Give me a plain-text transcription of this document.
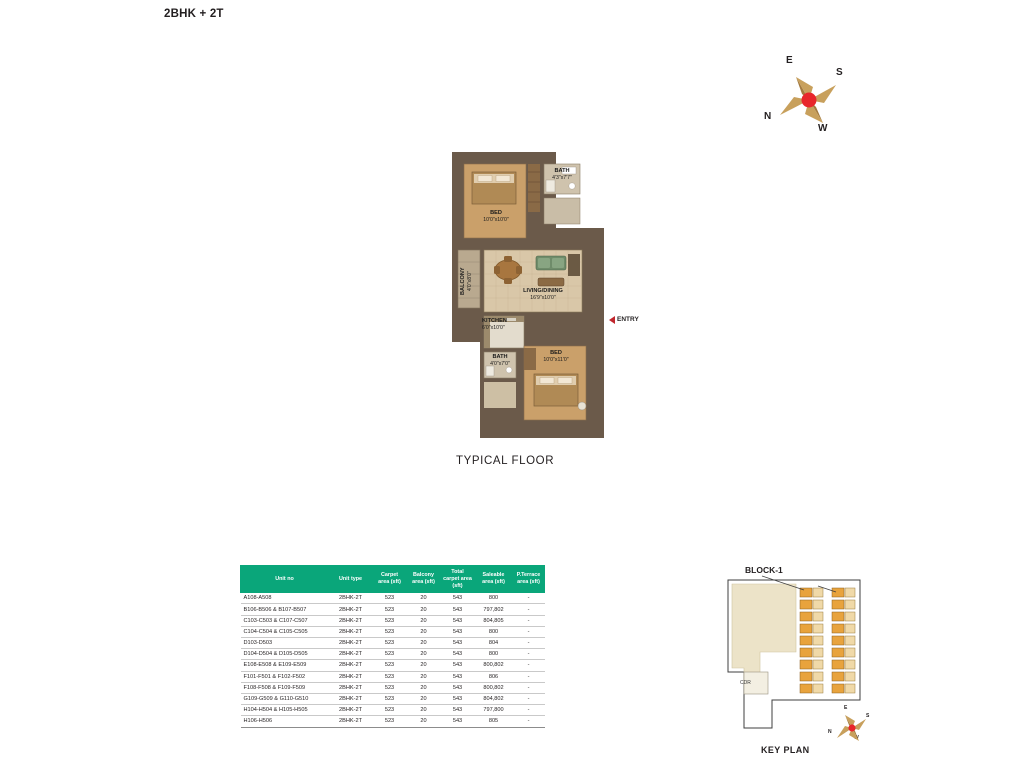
2BHK + 2T
E
S
N
W
BATH
4'3"x7'7"
BED
10'0"x10'0"
BALCONY 4'0"x8'0"
LIVING/DINING
16'9"x10'0"
KITCHEN
6'0"x10'0"
BATH
4'0"x7'0"
BED
10'0"x11'0"
ENTRY
TYPICAL FLOOR
Unit no	Unit type	Carpet area (sft)	Balcony area (sft)	Total carpet area (sft)	Saleable area (sft)	P.Terrace area (sft)
A108-A508	2BHK-2T	523	20	543	800	-
B106-B506 & B107-B507	2BHK-2T	523	20	543	797,802	-
C103-C503 & C107-C507	2BHK-2T	523	20	543	804,805	-
C104-C504 & C105-C505	2BHK-2T	523	20	543	800	-
D103-D503	2BHK-2T	523	20	543	804	-
D104-D504 & D105-D505	2BHK-2T	523	20	543	800	-
E108-E508 & E109-E509	2BHK-2T	523	20	543	800,802	-
F101-F501 & F102-F502	2BHK-2T	523	20	543	806	-
F108-F508 & F109-F509	2BHK-2T	523	20	543	800,802	-
G109-G509 & G110-G510	2BHK-2T	523	20	543	804,802	-
H104-H504 & H105-H505	2BHK-2T	523	20	543	797,800	-
H106-H506	2BHK-2T	523	20	543	805	-
BLOCK-1
CDR
E
S
N
KEY PLAN
